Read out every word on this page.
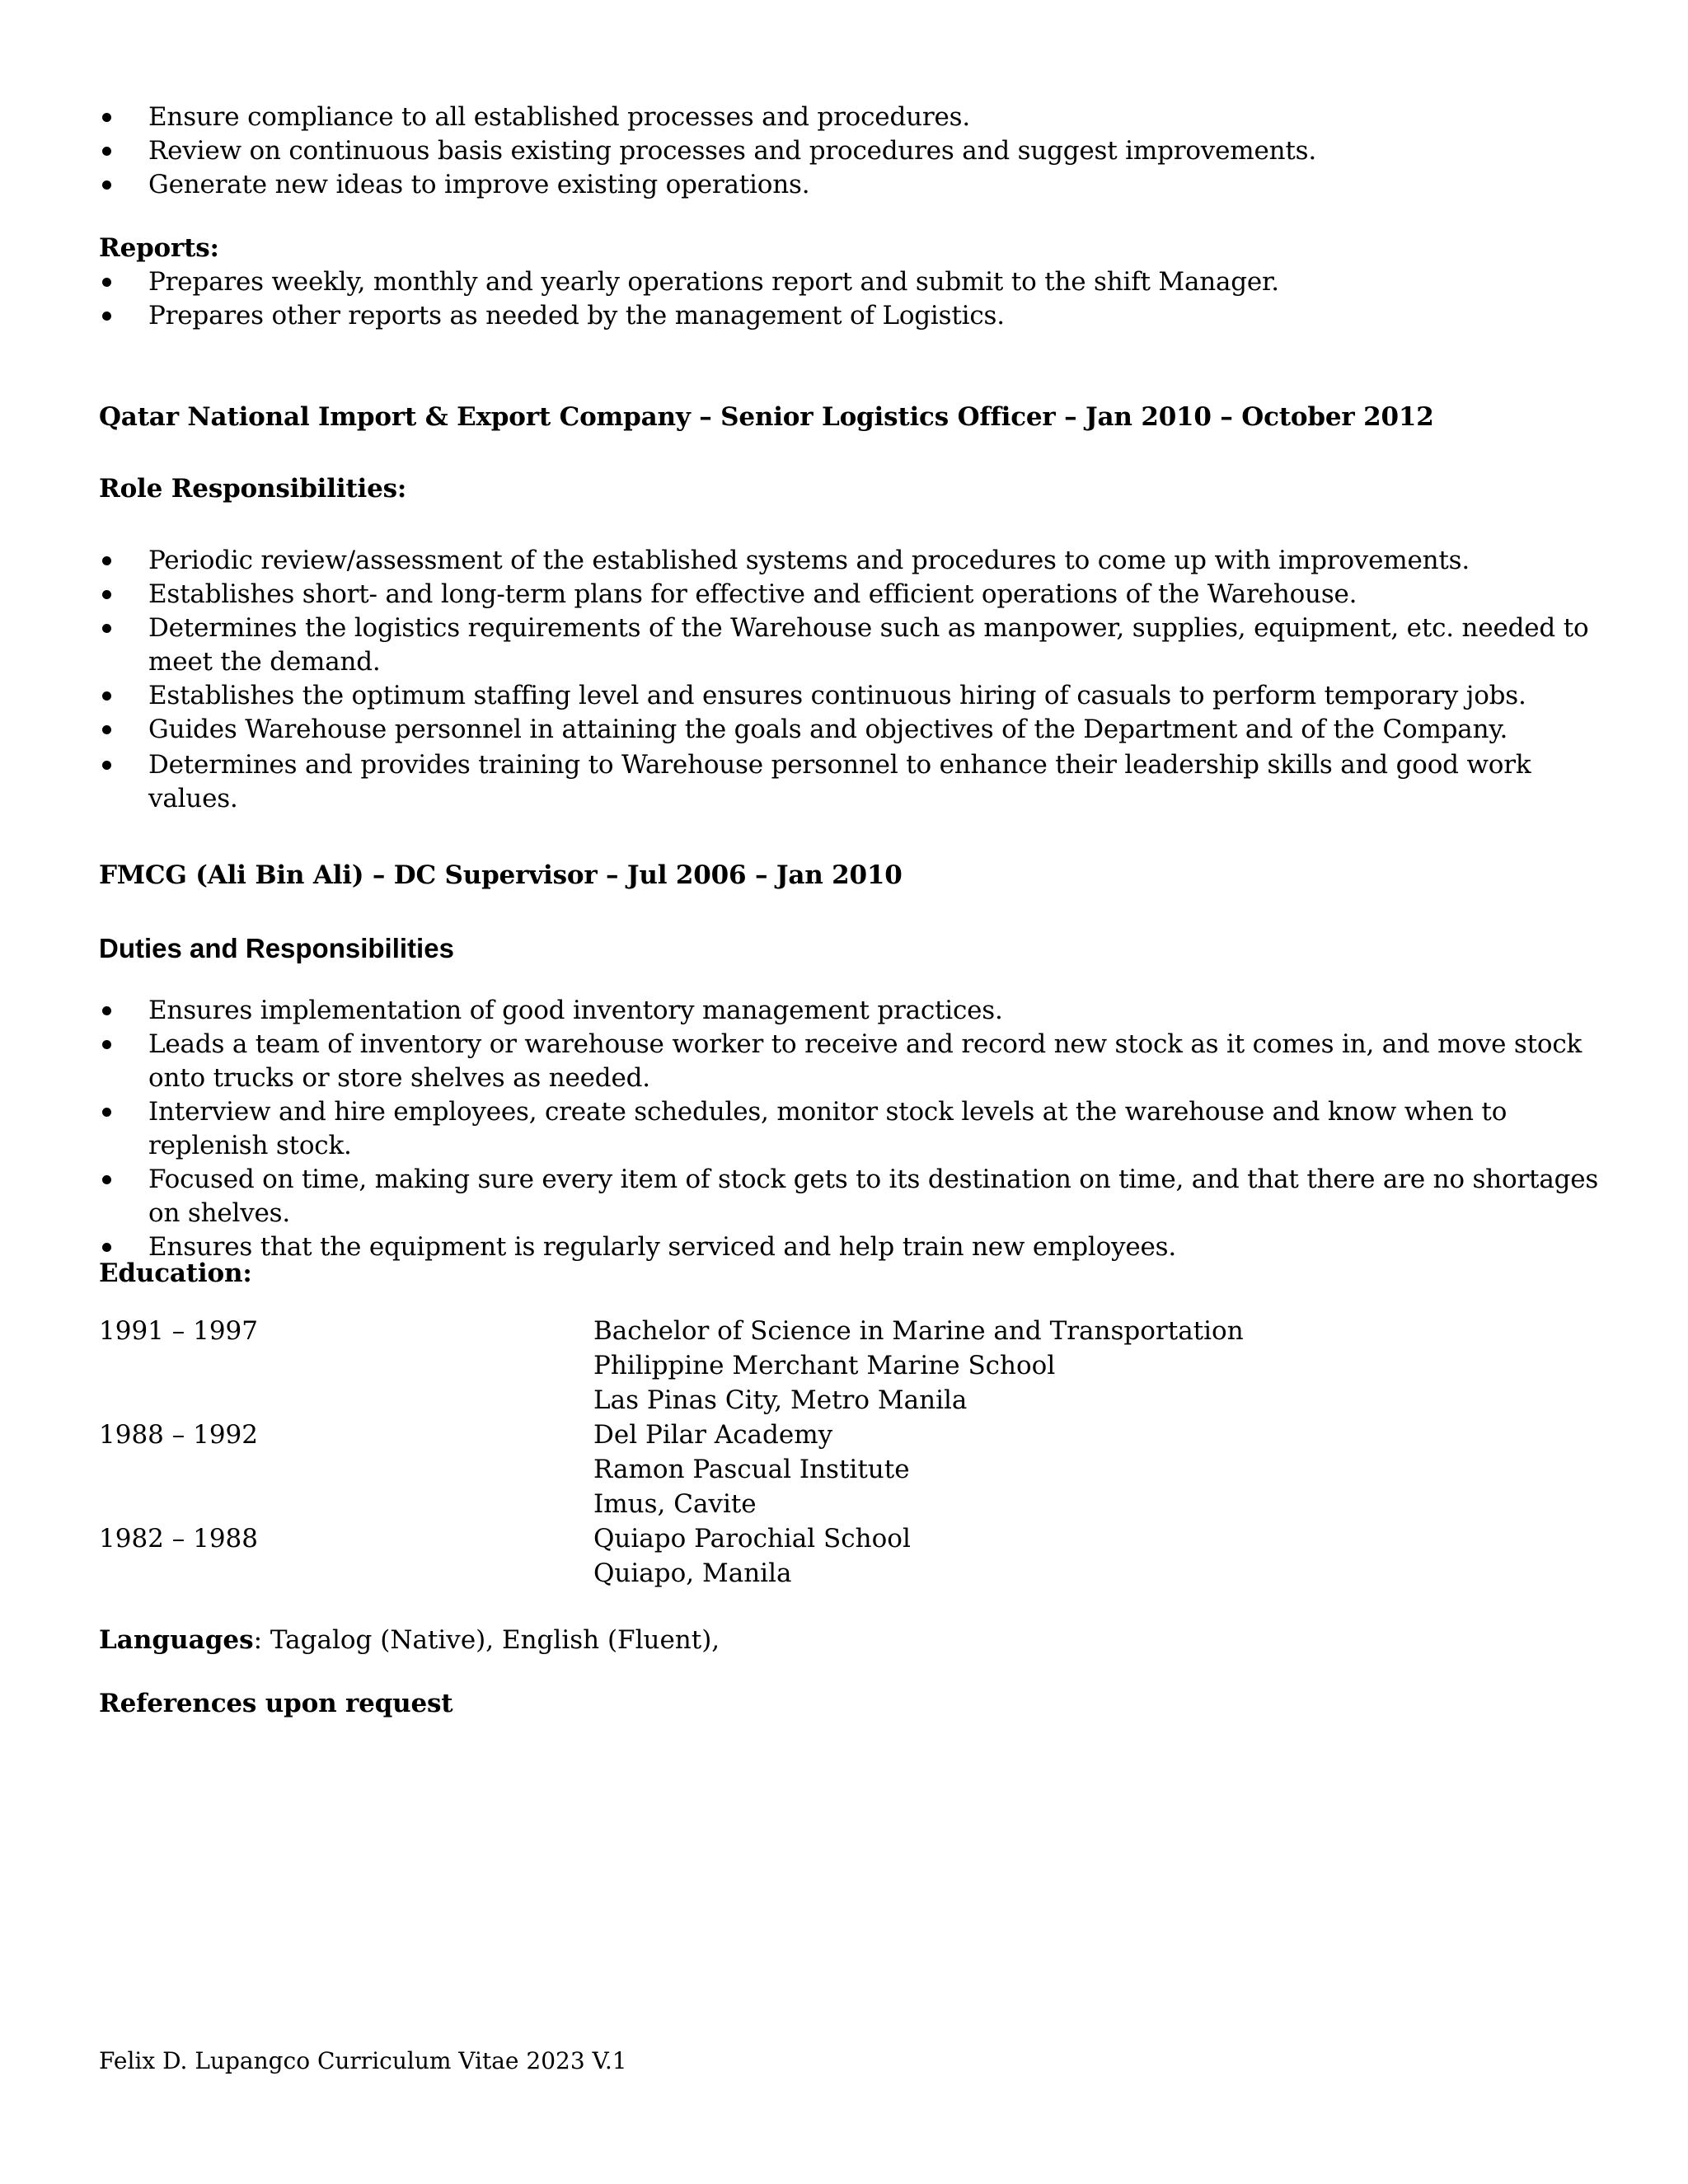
Ensure compliance to all established processes and procedures.
Review on continuous basis existing processes and procedures and suggest improvements.
Generate new ideas to improve existing operations.
Reports:
Prepares weekly, monthly and yearly operations report and submit to the shift Manager.
Prepares other reports as needed by the management of Logistics.
Qatar National Import & Export Company – Senior Logistics Officer – Jan 2010 – October 2012
Role Responsibilities:
Periodic review/assessment of the established systems and procedures to come up with improvements.
Establishes short- and long-term plans for effective and efficient operations of the Warehouse.
Determines the logistics requirements of the Warehouse such as manpower, supplies, equipment, etc. needed to meet the demand.
Establishes the optimum staffing level and ensures continuous hiring of casuals to perform temporary jobs.
Guides Warehouse personnel in attaining the goals and objectives of the Department and of the Company.
Determines and provides training to Warehouse personnel to enhance their leadership skills and good work values.
FMCG (Ali Bin Ali) – DC Supervisor – Jul 2006 – Jan 2010
Duties and Responsibilities
Ensures implementation of good inventory management practices.
Leads a team of inventory or warehouse worker to receive and record new stock as it comes in, and move stock onto trucks or store shelves as needed.
Interview and hire employees, create schedules, monitor stock levels at the warehouse and know when to replenish stock.
Focused on time, making sure every item of stock gets to its destination on time, and that there are no shortages on shelves.
Ensures that the equipment is regularly serviced and help train new employees.
Education:
1991 – 1997	Bachelor of Science in Marine and Transportation
Philippine Merchant Marine School
Las Pinas City, Metro Manila
1988 – 1992	Del Pilar Academy
Ramon Pascual Institute
Imus, Cavite
1982 – 1988	Quiapo Parochial School
Quiapo, Manila
Languages: Tagalog (Native), English (Fluent),
References upon request
Felix D. Lupangco Curriculum Vitae 2023 V.1
